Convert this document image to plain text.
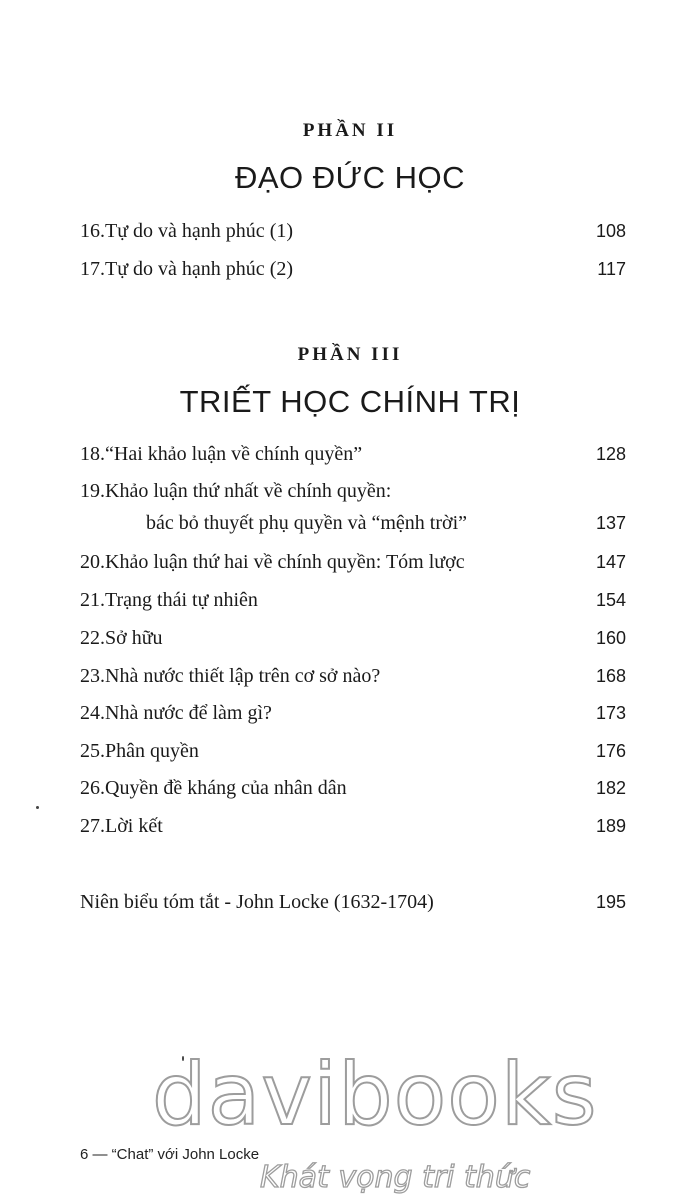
PHẦN II
ĐẠO ĐỨC HỌC
16.Tự do và hạnh phúc (1)	108
17.Tự do và hạnh phúc (2)	117
PHẦN III
TRIẾT HỌC CHÍNH TRỊ
18.“Hai khảo luận về chính quyền”	128
19.Khảo luận thứ nhất về chính quyền:
bác bỏ thuyết phụ quyền và “mệnh trời”	137
20.Khảo luận thứ hai về chính quyền: Tóm lược	147
21.Trạng thái tự nhiên	154
22.Sở hữu	160
23.Nhà nước thiết lập trên cơ sở nào?	168
24.Nhà nước để làm gì?	173
25.Phân quyền	176
26.Quyền đề kháng của nhân dân	182
27.Lời kết	189
Niên biểu tóm tắt - John Locke (1632-1704)	195
davibooks
6 — “Chat” với John Locke
Khát vọng tri thức
